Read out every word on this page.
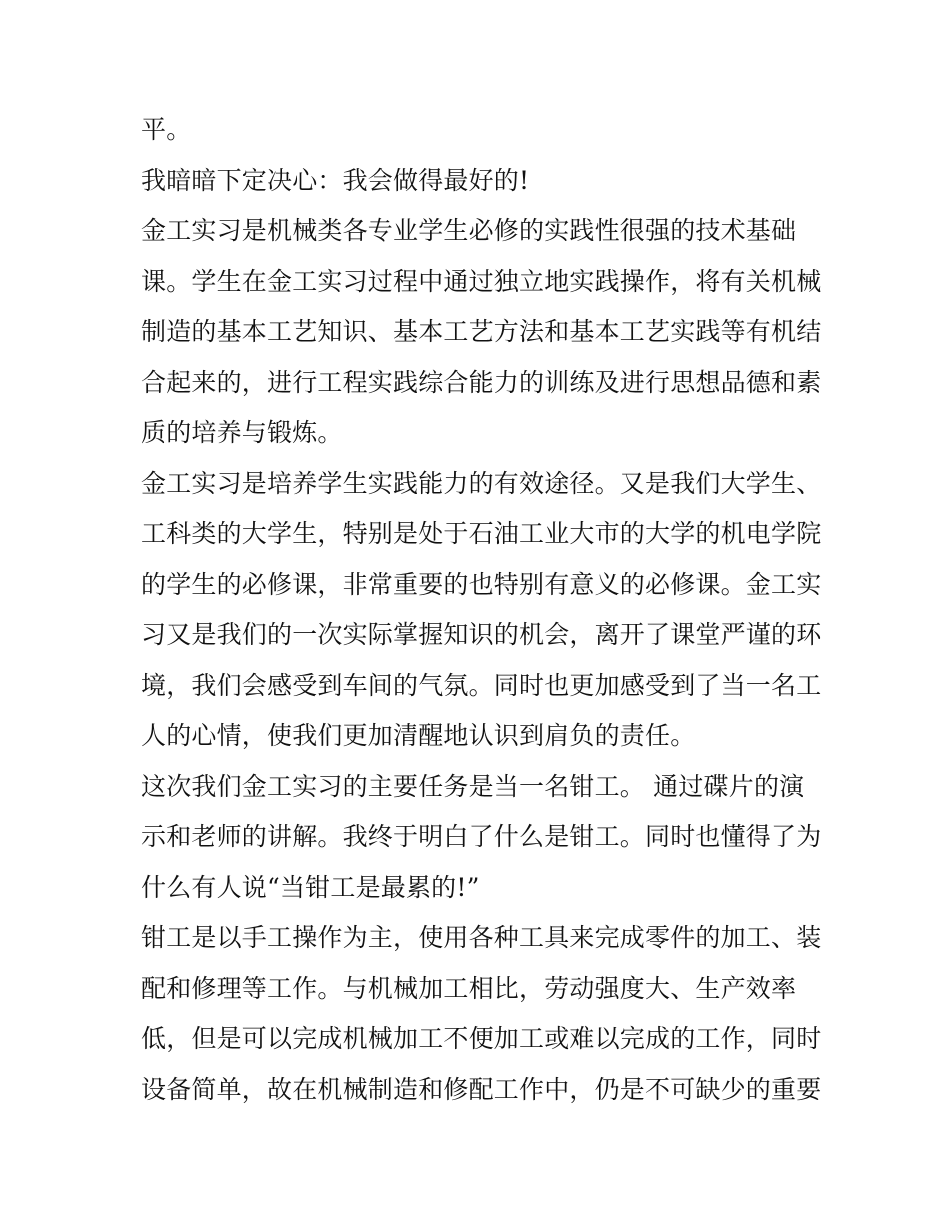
平。
我暗暗下定决心：我会做得最好的!
金工实习是机械类各专业学生必修的实践性很强的技术基础
课。学生在金工实习过程中通过独立地实践操作，将有关机械
制造的基本工艺知识、基本工艺方法和基本工艺实践等有机结
合起来的，进行工程实践综合能力的训练及进行思想品德和素
质的培养与锻炼。
金工实习是培养学生实践能力的有效途径。又是我们大学生、
工科类的大学生，特别是处于石油工业大市的大学的机电学院
的学生的必修课，非常重要的也特别有意义的必修课。金工实
习又是我们的一次实际掌握知识的机会，离开了课堂严谨的环
境，我们会感受到车间的气氛。同时也更加感受到了当一名工
人的心情，使我们更加清醒地认识到肩负的责任。
这次我们金工实习的主要任务是当一名钳工。 通过碟片的演
示和老师的讲解。我终于明白了什么是钳工。同时也懂得了为
什么有人说“当钳工是最累的!”
钳工是以手工操作为主，使用各种工具来完成零件的加工、装
配和修理等工作。与机械加工相比，劳动强度大、生产效率
低，但是可以完成机械加工不便加工或难以完成的工作，同时
设备简单，故在机械制造和修配工作中，仍是不可缺少的重要
